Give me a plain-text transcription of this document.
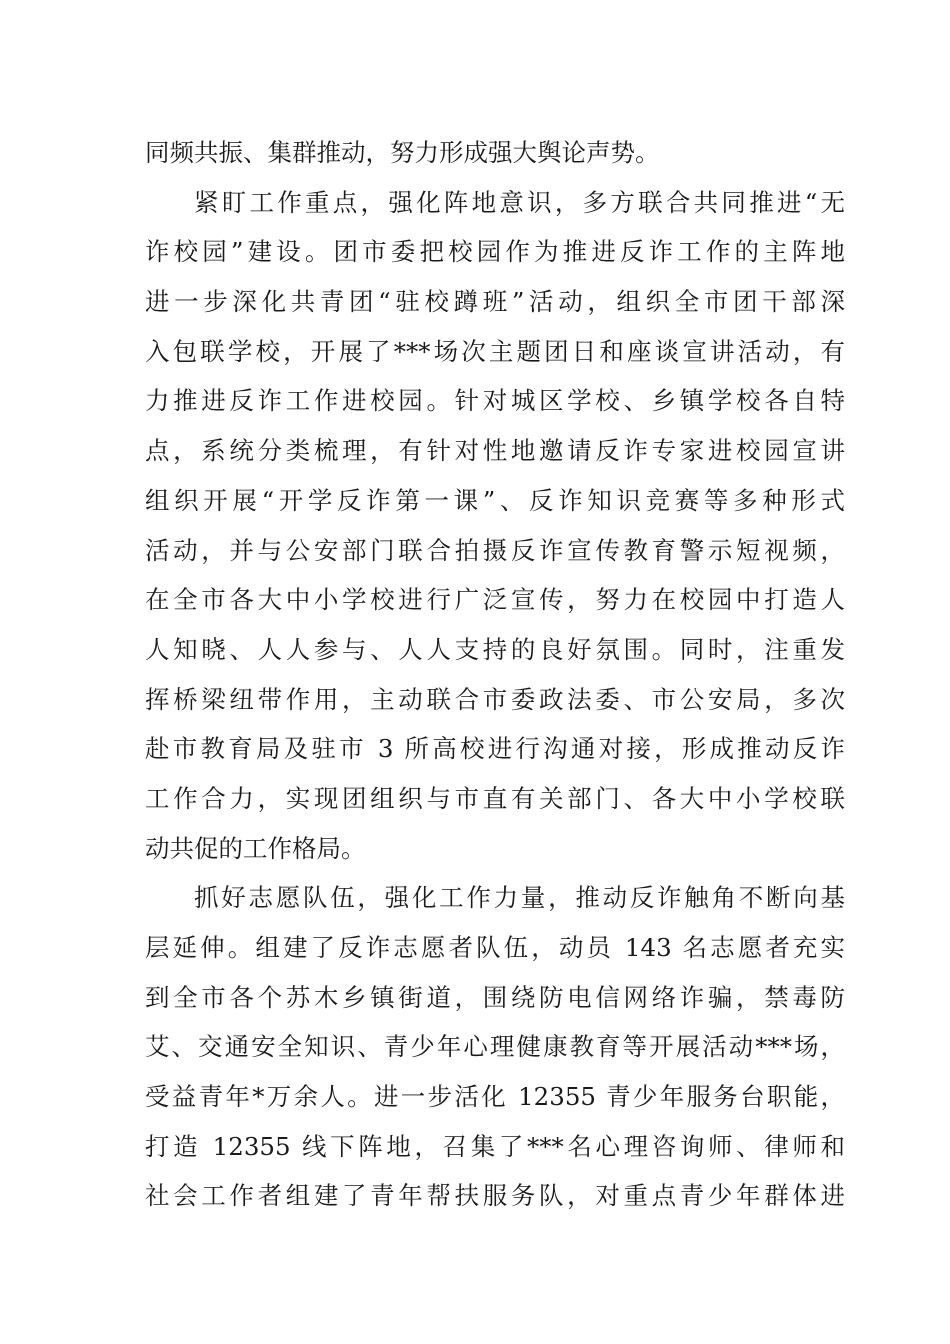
同频共振、集群推动，努力形成强大舆论声势。
紧盯工作重点，强化阵地意识，多方联合共同推进“无
诈校园”建设。团市委把校园作为推进反诈工作的主阵地
进一步深化共青团“驻校蹲班”活动，组织全市团干部深
入包联学校，开展了***场次主题团日和座谈宣讲活动，有
力推进反诈工作进校园。针对城区学校、乡镇学校各自特
点，系统分类梳理，有针对性地邀请反诈专家进校园宣讲
组织开展“开学反诈第一课”、反诈知识竞赛等多种形式
活动，并与公安部门联合拍摄反诈宣传教育警示短视频，
在全市各大中小学校进行广泛宣传，努力在校园中打造人
人知晓、人人参与、人人支持的良好氛围。同时，注重发
挥桥梁纽带作用，主动联合市委政法委、市公安局，多次
赴市教育局及驻市 3 所高校进行沟通对接，形成推动反诈
工作合力，实现团组织与市直有关部门、各大中小学校联
动共促的工作格局。
抓好志愿队伍，强化工作力量，推动反诈触角不断向基
层延伸。组建了反诈志愿者队伍，动员 143 名志愿者充实
到全市各个苏木乡镇街道，围绕防电信网络诈骗，禁毒防
艾、交通安全知识、青少年心理健康教育等开展活动***场，
受益青年*万余人。进一步活化 12355 青少年服务台职能，
打造 12355 线下阵地，召集了***名心理咨询师、律师和
社会工作者组建了青年帮扶服务队，对重点青少年群体进
